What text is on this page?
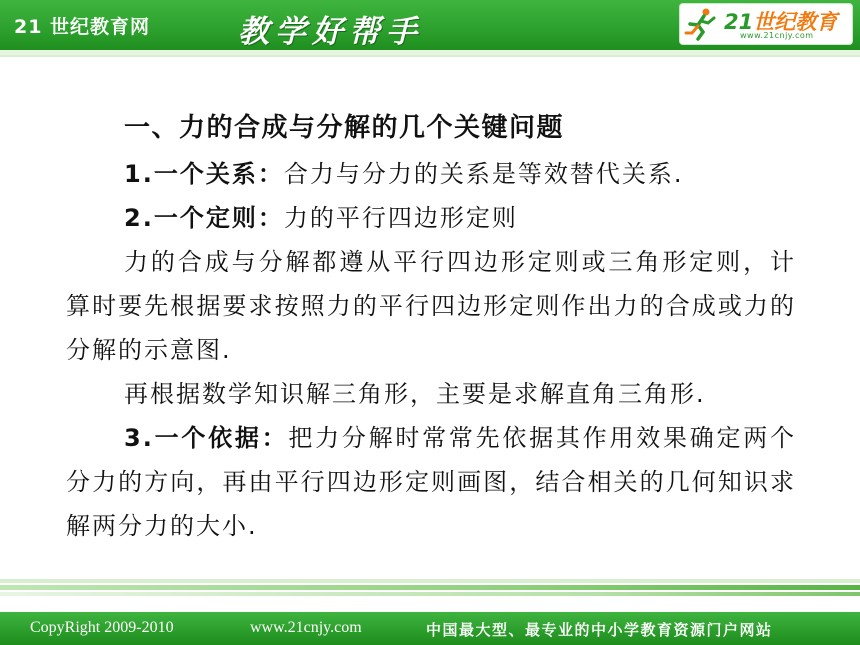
21 世纪教育网	教学好帮手	21世纪教育
www.21cnjy.com
一、力的合成与分解的几个关键问题

1.一个关系：合力与分力的关系是等效替代关系.

2.一个定则：力的平行四边形定则

力的合成与分解都遵从平行四边形定则或三角形定则，计算时要先根据要求按照力的平行四边形定则作出力的合成或力的分解的示意图.

再根据数学知识解三角形，主要是求解直角三角形.

3.一个依据：把力分解时常常先依据其作用效果确定两个分力的方向，再由平行四边形定则画图，结合相关的几何知识求解两分力的大小.

CopyRight 2009-2010	www.21cnjy.com	中国最大型、最专业的中小学教育资源门户网站
